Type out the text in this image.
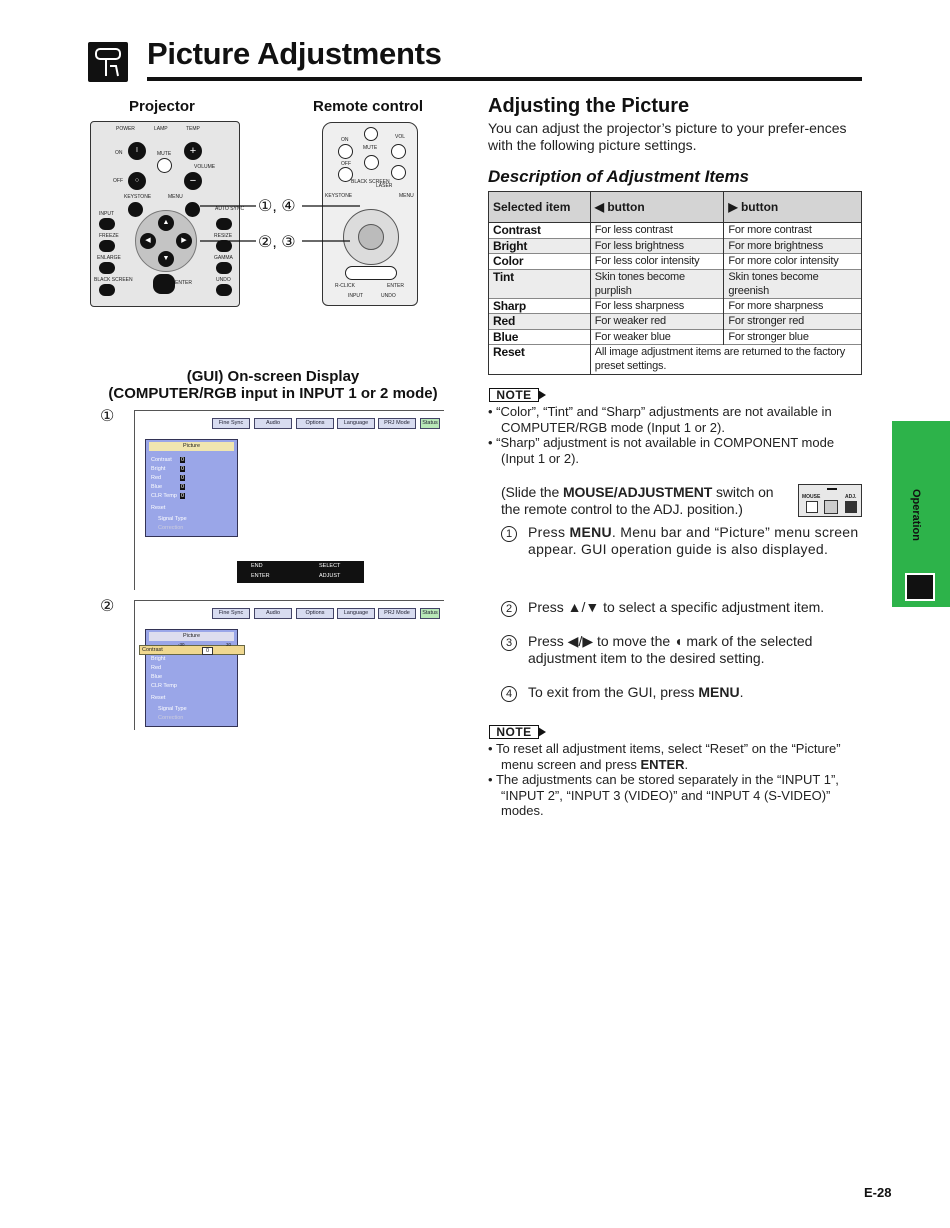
Picture Adjustments
Projector	Remote control
POWER	LAMP	TEMP
ON	I	MUTE	+
VOLUME
OFF	○	−
KEYSTONE	MENU
INPUT
AUTO SYNC
▲
◀	▶
▼
FREEZE	RESIZE
ENLARGE	GAMMA
BLACK SCREEN	ENTER	UNDO
ON
MUTE
VOL
OFF
BLACK SCREEN
LASER
KEYSTONE	MENU
R-CLICK	ENTER
INPUT	UNDO
①, ④
②, ③
(GUI) On-screen Display
(COMPUTER/RGB input in INPUT 1 or 2 mode)
①	Fine Sync	Audio	Options	Language	PRJ Mode	Status
Picture
Contrast
Bright
Red
Blue
CLR Temp
0
0
0
0
0
Reset
Signal Type
Correction
END	SELECT
ENTER	ADJUST
②	Fine Sync	Audio	Options	Language	PRJ Mode	Status
Picture
Bright
Red
Blue
CLR Temp
Reset
Signal Type
Correction
Contrast
-30
0
30
Adjusting the Picture
You can adjust the projector’s picture to your prefer-ences with the following picture settings.
Description of Adjustment Items
Selected item	◀ button	▶ button
Contrast	For less contrast	For more contrast
Bright	For less brightness	For more brightness
Color	For less color intensity	For more color intensity
Tint	Skin tones become purplish	Skin tones become greenish
Sharp	For less sharpness	For more sharpness
Red	For weaker red	For stronger red
Blue	For weaker blue	For stronger blue
Reset	All image adjustment items are returned to the factory preset settings.	
NOTE
• “Color”, “Tint” and “Sharp” adjustments are not available in COMPUTER/RGB mode (Input 1 or 2).
• “Sharp” adjustment is not available in COMPONENT mode (Input 1 or 2).
(Slide the MOUSE/ADJUSTMENT switch on the remote control to the ADJ. position.)
MOUSE	ADJ.
1	Press MENU. Menu bar and “Picture” menu screen appear. GUI operation guide is also displayed.
2	Press ▲/▼ to select a specific adjustment item.
3	Press ◀/▶ to move the ◖ mark of the selected adjustment item to the desired setting.
4	To exit from the GUI, press MENU.
NOTE
• To reset all adjustment items, select “Reset” on the “Picture” menu screen and press ENTER.
• The adjustments can be stored separately in the “INPUT 1”, “INPUT 2”, “INPUT 3 (VIDEO)” and “INPUT 4 (S-VIDEO)” modes.
Operation
E-28
